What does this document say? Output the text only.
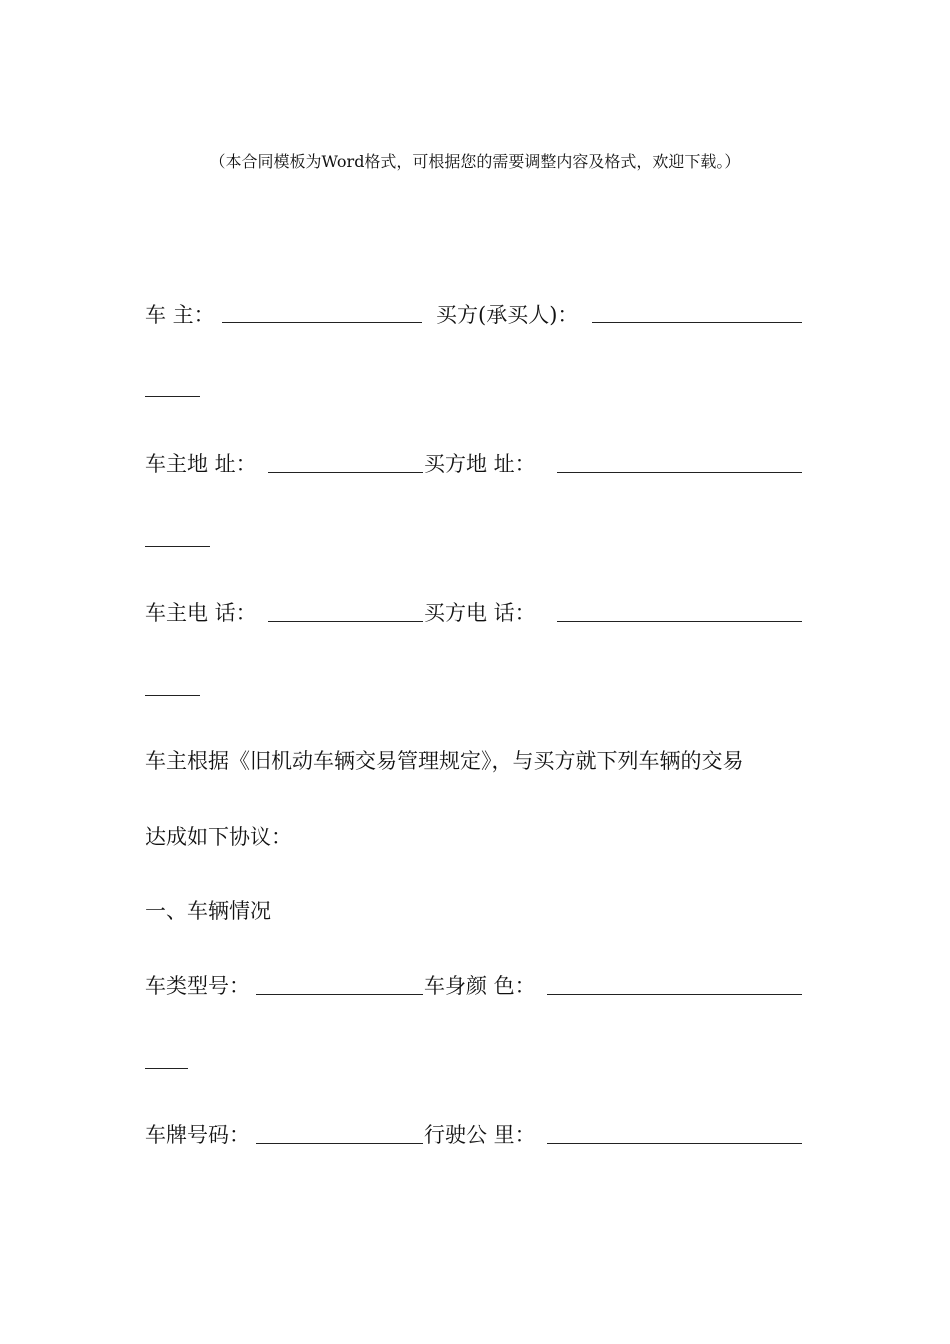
（本合同模板为Word格式，可根据您的需要调整内容及格式，欢迎下载。）
车 主：	买方(承买人)：
车主地 址：	买方地 址：
车主电 话：	买方电 话：
车主根据《旧机动车辆交易管理规定》，与买方就下列车辆的交易
达成如下协议：
一、车辆情况
车类型号：	车身颜 色：
车牌号码：	行驶公 里：
